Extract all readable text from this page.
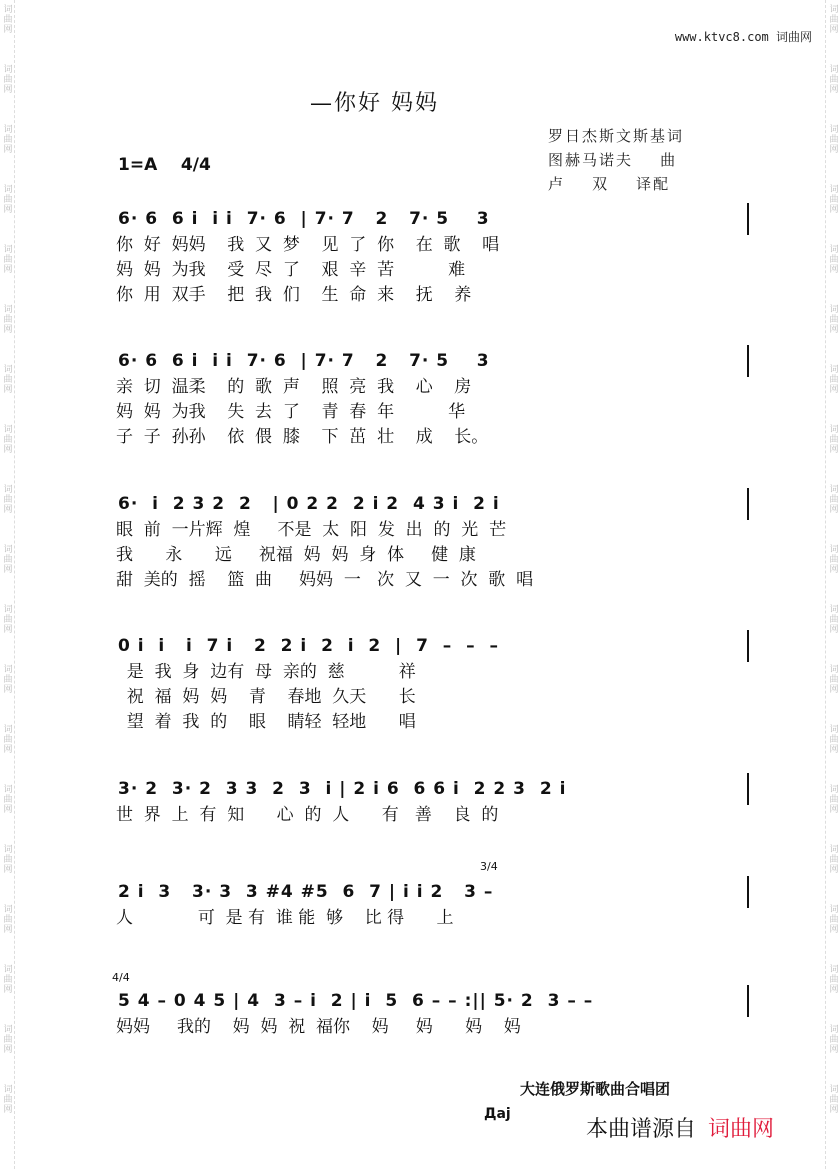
词曲网
词曲网
词曲网
词曲网
词曲网
词曲网
词曲网
词曲网
词曲网
词曲网
词曲网
词曲网
词曲网
词曲网
词曲网
词曲网
词曲网
词曲网
词曲网
词曲网
词曲网
词曲网
词曲网
词曲网
词曲网
词曲网
词曲网
词曲网
词曲网
词曲网
词曲网
词曲网
词曲网
词曲网
词曲网
词曲网
词曲网
词曲网
www.ktvc8.com 词曲网
—你好 妈妈
罗日杰斯文斯基词
图赫马诺夫    曲
卢    双    译配
1=A    4/4

6· 6  6 i  i i  7· 6  | 7· 7   2   7· 5    3

你  好  妈妈    我  又  梦    见  了  你    在  歌    唱
妈  妈  为我    受  尽  了    艰  辛  苦          难
你  用  双手    把  我  们    生  命  来    抚    养

6· 6  6 i  i i  7· 6  | 7· 7   2   7· 5    3

亲  切  温柔    的  歌  声    照  亮  我    心    房
妈  妈  为我    失  去  了    青  春  年          华
子  子  孙孙    依  偎  膝    下  茁  壮    成    长。

6·  i  2 3 2  2   | 0 2 2  2 i 2  4 3 i  2 i

眼  前  一片辉  煌     不是  太  阳  发  出  的  光  芒
我      永      远     祝福  妈  妈  身  体     健  康
甜  美的  摇    篮  曲     妈妈  一   次  又  一  次  歌  唱

0 i  i   i  7 i   2  2 i  2  i  2  |  7  –  –  –

是  我  身  边有  母  亲的  慈          祥
祝  福  妈  妈    青    春地  久天      长
望  着  我  的    眼    睛轻  轻地      唱

3· 2  3· 2  3 3  2  3  i | 2 i 6  6 6 i  2 2 3  2 i

世  界  上  有  知      心  的  人      有   善    良  的
3/4

2 i  3   3· 3  3 #4 #5  6  7 | i i 2   3 –

人            可  是 有  谁 能  够    比 得      上
4/4

5 4 – 0 4 5 | 4  3 – i  2 | i  5  6 – – :|| 5· 2  3 – –

妈妈     我的    妈  妈  祝  福你    妈     妈      妈    妈
大连俄罗斯歌曲合唱团
Дaj
本曲谱源自 词曲网
